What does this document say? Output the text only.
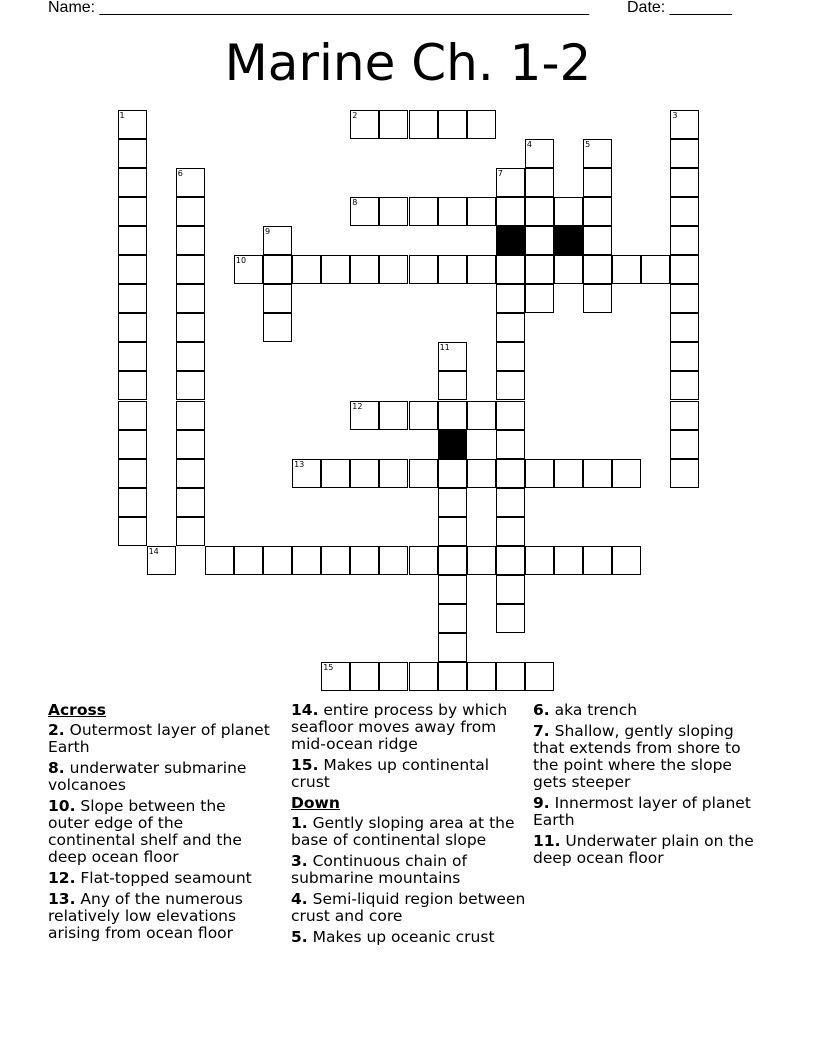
Name: _______________________________________________________ Date: _______
Marine Ch. 1-2
1	2	3
4	5
6	7
8
9
10
11
12
13
14
15
Across
2. Outermost layer of planet Earth
8. underwater submarine volcanoes
10. Slope between the outer edge of the continental shelf and the deep ocean floor
12. Flat-topped seamount
13. Any of the numerous relatively low elevations arising from ocean floor
14. entire process by which seafloor moves away from mid-ocean ridge
15. Makes up continental crust
Down
1. Gently sloping area at the base of continental slope
3. Continuous chain of submarine mountains
4. Semi-liquid region between crust and core
5. Makes up oceanic crust
6. aka trench
7. Shallow, gently sloping that extends from shore to the point where the slope gets steeper
9. Innermost layer of planet Earth
11. Underwater plain on the deep ocean floor
